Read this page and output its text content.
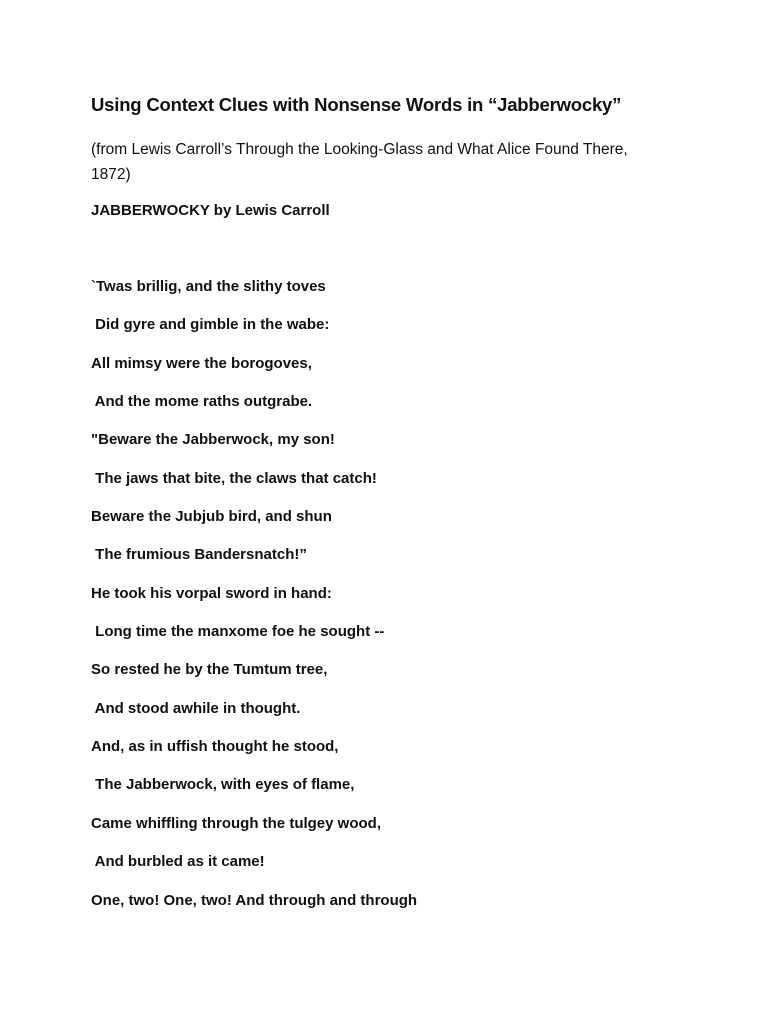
Using Context Clues with Nonsense Words in “Jabberwocky”
(from Lewis Carroll’s Through the Looking-Glass and What Alice Found There, 1872)
JABBERWOCKY by Lewis Carroll
`Twas brillig, and the slithy toves
Did gyre and gimble in the wabe:
All mimsy were the borogoves,
And the mome raths outgrabe.
"Beware the Jabberwock, my son!
The jaws that bite, the claws that catch!
Beware the Jubjub bird, and shun
The frumious Bandersnatch!”
He took his vorpal sword in hand:
Long time the manxome foe he sought --
So rested he by the Tumtum tree,
And stood awhile in thought.
And, as in uffish thought he stood,
The Jabberwock, with eyes of flame,
Came whiffling through the tulgey wood,
And burbled as it came!
One, two! One, two! And through and through
